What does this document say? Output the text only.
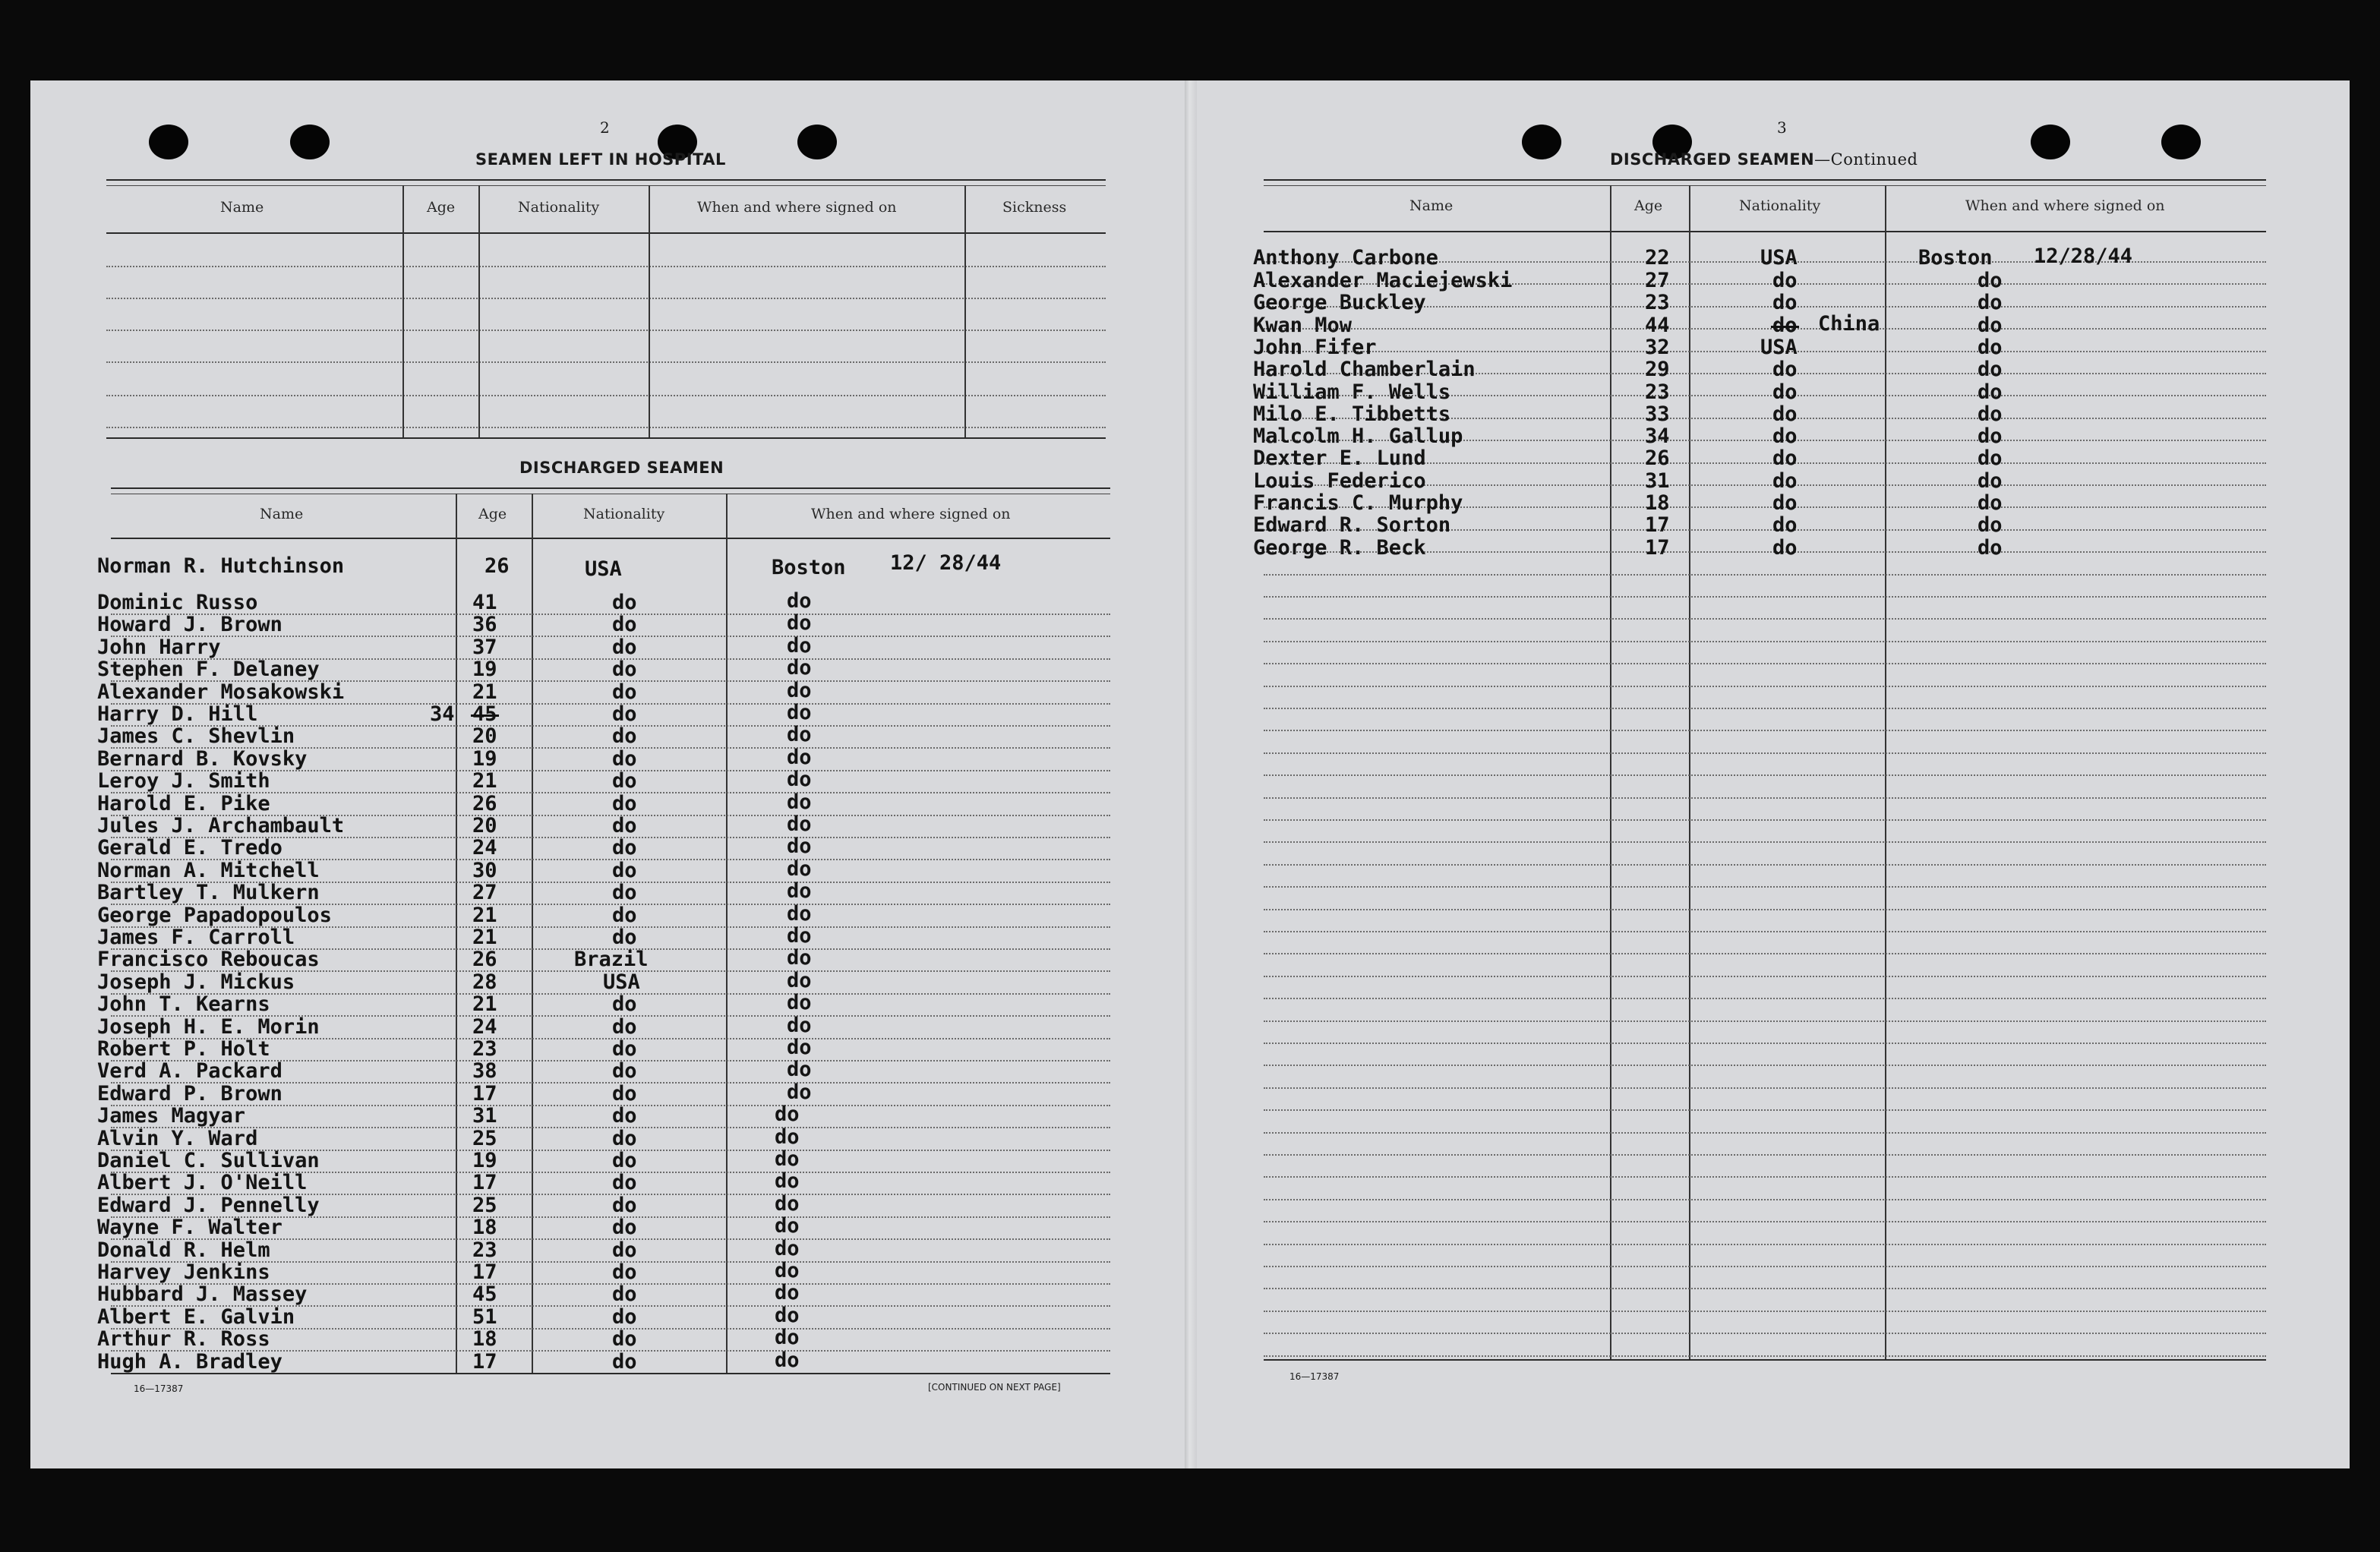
2
SEAMEN LEFT IN HOSPITAL
Name	Age	Nationality	When and where signed on	Sickness
DISCHARGED SEAMEN
Name	Age	Nationality	When and where signed on
Norman R. Hutchinson	26	USA	Boston 12/ 28/44
Dominic Russo	41	do	do
Howard J. Brown	36	do	do
John Harry	37	do	do
Stephen F. Delaney	19	do	do
Alexander Mosakowski	21	do	do
Harry D. Hill	34 45	do	do
James C. Shevlin	20	do	do
Bernard B. Kovsky	19	do	do
Leroy J. Smith	21	do	do
Harold E. Pike	26	do	do
Jules J. Archambault	20	do	do
Gerald E. Tredo	24	do	do
Norman A. Mitchell	30	do	do
Bartley T. Mulkern	27	do	do
George Papadopoulos	21	do	do
James F. Carroll	21	do	do
Francisco Reboucas	26	Brazil	do
Joseph J. Mickus	28	USA	do
John T. Kearns	21	do	do
Joseph H. E. Morin	24	do	do
Robert P. Holt	23	do	do
Verd A. Packard	38	do	do
Edward P. Brown	17	do	do
James Magyar	31	do	do
Alvin Y. Ward	25	do	do
Daniel C. Sullivan	19	do	do
Albert J. O'Neill	17	do	do
Edward J. Pennelly	25	do	do
Wayne F. Walter	18	do	do
Donald R. Helm	23	do	do
Harvey Jenkins	17	do	do
Hubbard J. Massey	45	do	do
Albert E. Galvin	51	do	do
Arthur R. Ross	18	do	do
Hugh A. Bradley	17	do	do
16—17387	[CONTINUED ON NEXT PAGE]
3
DISCHARGED SEAMEN—Continued
Name	Age	Nationality	When and where signed on
Anthony Carbone	22	USA	Boston 12/28/44
Alexander Maciejewski	27	do	do
George Buckley	23	do	do
Kwan Mow	44	do China	do
John Fifer	32	USA	do
Harold Chamberlain	29	do	do
William F. Wells	23	do	do
Milo E. Tibbetts	33	do	do
Malcolm H. Gallup	34	do	do
Dexter E. Lund	26	do	do
Louis Federico	31	do	do
Francis C. Murphy	18	do	do
Edward R. Sorton	17	do	do
George R. Beck	17	do	do
16—17387
